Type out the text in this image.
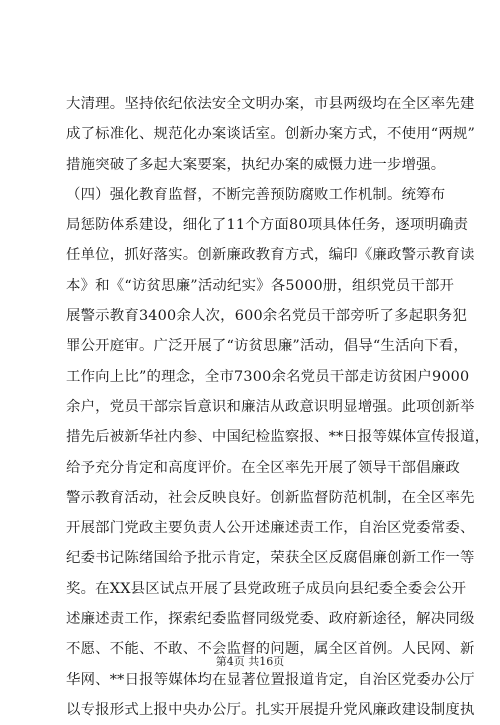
大清理。坚持依纪依法安全文明办案，市县两级均在全区率先建
成了标准化、规范化办案谈话室。创新办案方式，不使用“两规”
措施突破了多起大案要案，执纪办案的威慑力进一步增强。
（四）强化教育监督，不断完善预防腐败工作机制。统筹布
局惩防体系建设，细化了11个方面80项具体任务，逐项明确责
任单位，抓好落实。创新廉政教育方式，编印《廉政警示教育读
本》和《“访贫思廉”活动纪实》各5000册，组织党员干部开
展警示教育3400余人次，600余名党员干部旁听了多起职务犯
罪公开庭审。广泛开展了“访贫思廉”活动，倡导“生活向下看，
工作向上比”的理念，全市7300余名党员干部走访贫困户9000
余户，党员干部宗旨意识和廉洁从政意识明显增强。此项创新举
措先后被新华社内参、中国纪检监察报、**日报等媒体宣传报道，
给予充分肯定和高度评价。在全区率先开展了领导干部倡廉政
警示教育活动，社会反映良好。创新监督防范机制，在全区率先
开展部门党政主要负责人公开述廉述责工作，自治区党委常委、
纪委书记陈绪国给予批示肯定，荣获全区反腐倡廉创新工作一等
奖。在XX县区试点开展了县党政班子成员向县纪委全委会公开
述廉述责工作，探索纪委监督同级党委、政府新途径，解决同级
不愿、不能、不敢、不会监督的问题，属全区首例。人民网、新
华网、**日报等媒体均在显著位置报道肯定，自治区党委办公厅
以专报形式上报中央办公厅。扎实开展提升党风廉政建设制度执
第4页 共16页
